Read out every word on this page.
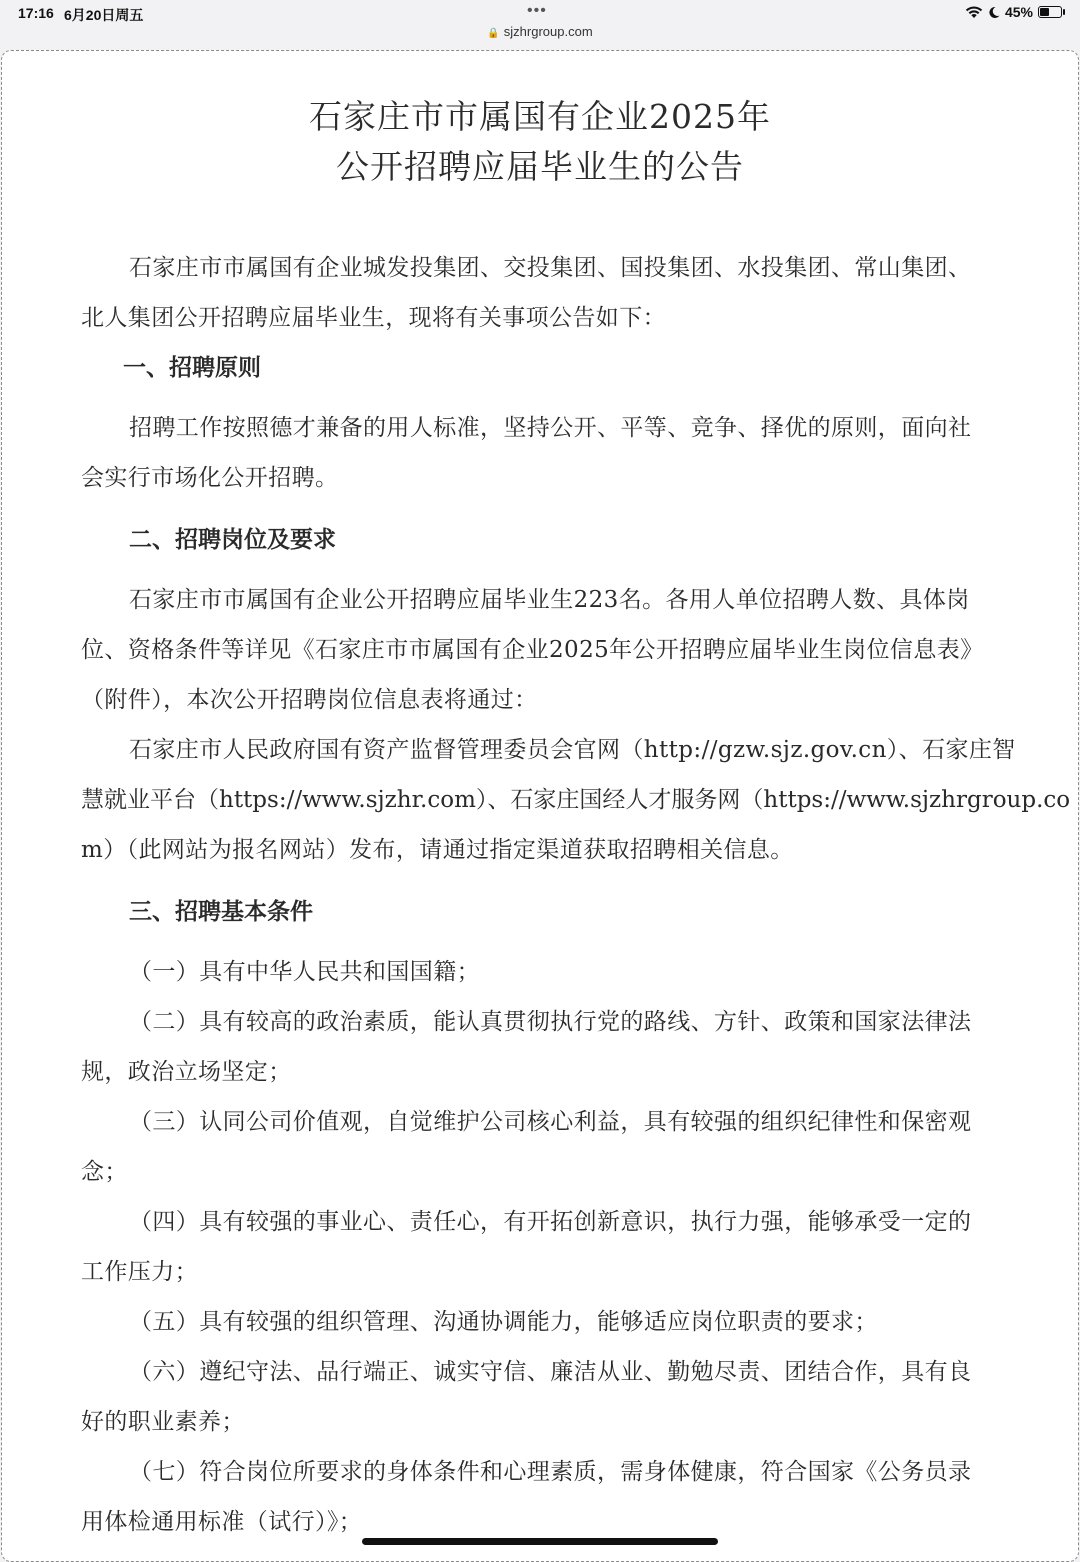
17:16 6月20日周五	•••	45%
🔒 sjzhrgroup.com
石家庄市市属国有企业2025年
公开招聘应届毕业生的公告
石家庄市市属国有企业城发投集团、交投集团、国投集团、水投集团、常山集团、
北人集团公开招聘应届毕业生，现将有关事项公告如下：
一、招聘原则
招聘工作按照德才兼备的用人标准，坚持公开、平等、竞争、择优的原则，面向社
会实行市场化公开招聘。
二、招聘岗位及要求
石家庄市市属国有企业公开招聘应届毕业生223名。各用人单位招聘人数、具体岗
位、资格条件等详见《石家庄市市属国有企业2025年公开招聘应届毕业生岗位信息表》
（附件），本次公开招聘岗位信息表将通过：
石家庄市人民政府国有资产监督管理委员会官网（http://gzw.sjz.gov.cn）、石家庄智
慧就业平台（https://www.sjzhr.com）、石家庄国经人才服务网（https://www.sjzhrgroup.co
m）（此网站为报名网站）发布，请通过指定渠道获取招聘相关信息。
三、招聘基本条件
（一）具有中华人民共和国国籍；
（二）具有较高的政治素质，能认真贯彻执行党的路线、方针、政策和国家法律法
规，政治立场坚定；
（三）认同公司价值观，自觉维护公司核心利益，具有较强的组织纪律性和保密观
念；
（四）具有较强的事业心、责任心，有开拓创新意识，执行力强，能够承受一定的
工作压力；
（五）具有较强的组织管理、沟通协调能力，能够适应岗位职责的要求；
（六）遵纪守法、品行端正、诚实守信、廉洁从业、勤勉尽责、团结合作，具有良
好的职业素养；
（七）符合岗位所要求的身体条件和心理素质，需身体健康，符合国家《公务员录
用体检通用标准（试行）》；
